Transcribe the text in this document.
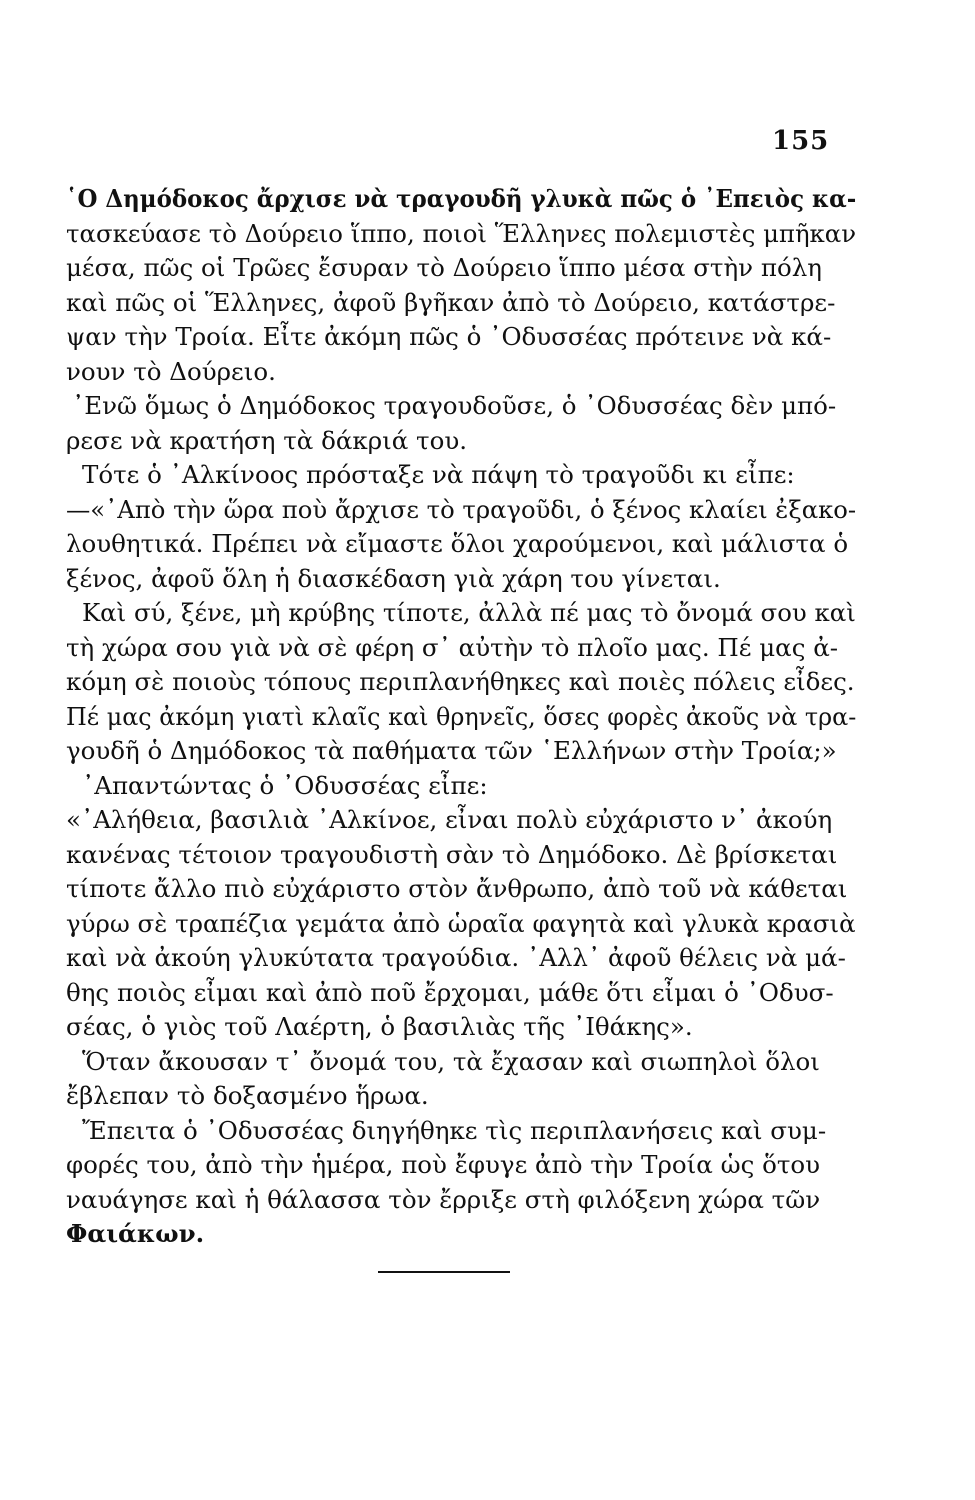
155
῾Ο Δημόδοκος ἄρχισε νὰ τραγουδῆ γλυκὰ πῶς ὁ ᾿Επειὸς κα-
τασκεύασε τὸ Δούρειο ἵππο, ποιοὶ Ἕλληνες πολεμιστὲς μπῆκαν
μέσα, πῶς οἱ Τρῶες ἔσυραν τὸ Δούρειο ἵππο μέσα στὴν πόλη
καὶ πῶς οἱ Ἕλληνες, ἀφοῦ βγῆκαν ἀπὸ τὸ Δούρειο, κατάστρε-
ψαν τὴν Τροία. Εἶτε ἀκόμη πῶς ὁ ᾿Οδυσσέας πρότεινε νὰ κά-
νουν τὸ Δούρειο.
᾿Ενῶ ὅμως ὁ Δημόδοκος τραγουδοῦσε, ὁ ᾿Οδυσσέας δὲν μπό-
ρεσε νὰ κρατήση τὰ δάκριά του.
Τότε ὁ ᾿Αλκίνοος πρόσταξε νὰ πάψη τὸ τραγοῦδι κι εἶπε:
—«᾿Απὸ τὴν ὥρα ποὺ ἄρχισε τὸ τραγοῦδι, ὁ ξένος κλαίει ἐξακο-
λουθητικά. Πρέπει νὰ εἴμαστε ὅλοι χαρούμενοι, καὶ μάλιστα ὁ
ξένος, ἀφοῦ ὅλη ἡ διασκέδαση γιὰ χάρη του γίνεται.
Καὶ σύ, ξένε, μὴ κρύβης τίποτε, ἀλλὰ πέ μας τὸ ὄνομά σου καὶ
τὴ χώρα σου γιὰ νὰ σὲ φέρη σ᾿ αὐτὴν τὸ πλοῖο μας. Πέ μας ἀ-
κόμη σὲ ποιοὺς τόπους περιπλανήθηκες καὶ ποιὲς πόλεις εἶδες.
Πέ μας ἀκόμη γιατὶ κλαῖς καὶ θρηνεῖς, ὅσες φορὲς ἀκοῦς νὰ τρα-
γουδῆ ὁ Δημόδοκος τὰ παθήματα τῶν ῾Ελλήνων στὴν Τροία;»
᾿Απαντώντας ὁ ᾿Οδυσσέας εἶπε:
«᾿Αλήθεια, βασιλιὰ ᾿Αλκίνοε, εἶναι πολὺ εὐχάριστο ν᾿ ἀκούη
κανένας τέτοιον τραγουδιστὴ σὰν τὸ Δημόδοκο. Δὲ βρίσκεται
τίποτε ἄλλο πιὸ εὐχάριστο στὸν ἄνθρωπο, ἀπὸ τοῦ νὰ κάθεται
γύρω σὲ τραπέζια γεμάτα ἀπὸ ὡραῖα φαγητὰ καὶ γλυκὰ κρασιὰ
καὶ νὰ ἀκούη γλυκύτατα τραγούδια. ᾿Αλλ᾿ ἀφοῦ θέλεις νὰ μά-
θης ποιὸς εἶμαι καὶ ἀπὸ ποῦ ἔρχομαι, μάθε ὅτι εἶμαι ὁ ᾿Οδυσ-
σέας, ὁ γιὸς τοῦ Λαέρτη, ὁ βασιλιὰς τῆς ᾿Ιθάκης».
Ὅταν ἄκουσαν τ᾿ ὄνομά του, τὰ ἔχασαν καὶ σιωπηλοὶ ὅλοι
ἔβλεπαν τὸ δοξασμένο ἥρωα.
Ἔπειτα ὁ ᾿Οδυσσέας διηγήθηκε τὶς περιπλανήσεις καὶ συμ-
φορές του, ἀπὸ τὴν ἡμέρα, ποὺ ἔφυγε ἀπὸ τὴν Τροία ὡς ὅτου
ναυάγησε καὶ ἡ θάλασσα τὸν ἔρριξε στὴ φιλόξενη χώρα τῶν
Φαιάκων.
